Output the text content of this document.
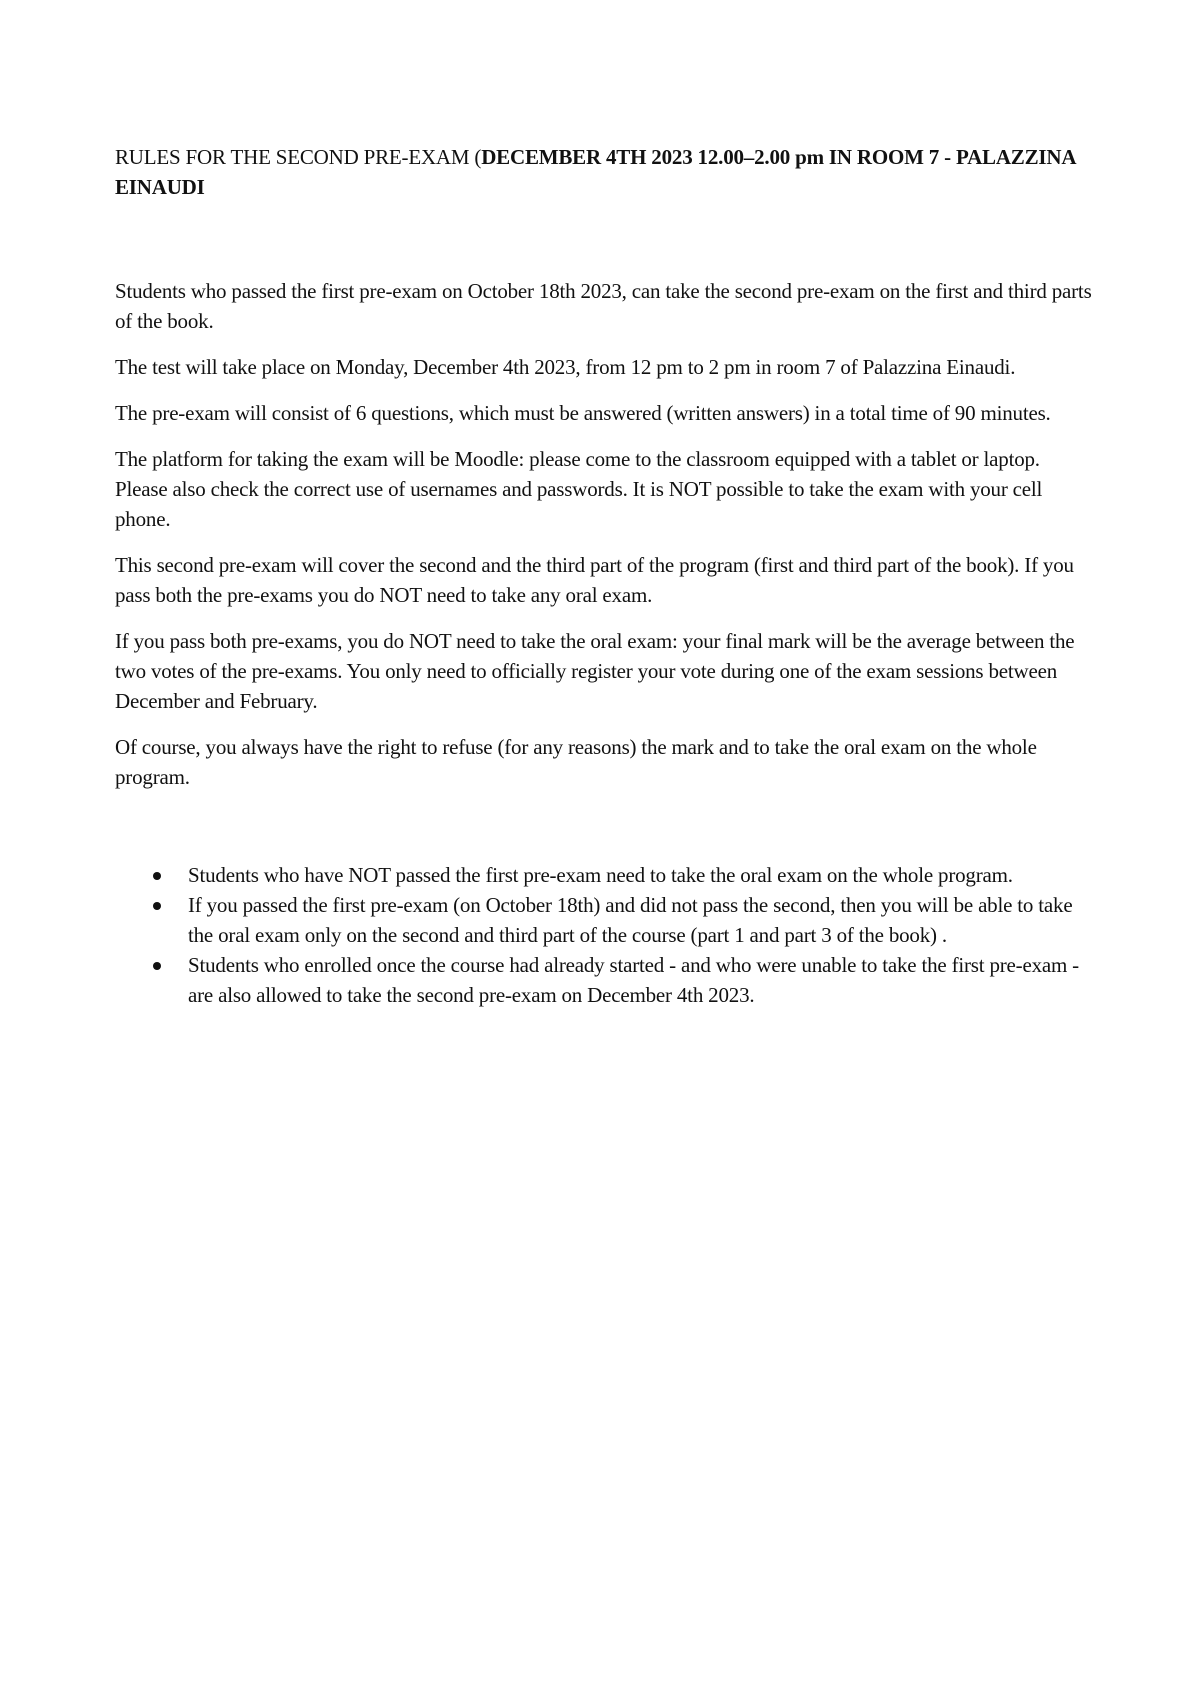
RULES FOR THE SECOND PRE-EXAM (DECEMBER 4TH 2023 12.00–2.00 pm IN ROOM 7 - PALAZZINA EINAUDI

Students who passed the first pre-exam on October 18th 2023, can take the second pre-exam on the first and third parts of the book.

The test will take place on Monday, December 4th 2023, from 12 pm to 2 pm in room 7 of Palazzina Einaudi.

The pre-exam will consist of 6 questions, which must be answered (written answers) in a total time of 90 minutes.

The platform for taking the exam will be Moodle: please come to the classroom equipped with a tablet or laptop. Please also check the correct use of usernames and passwords. It is NOT possible to take the exam with your cell phone.

This second pre-exam will cover the second and the third part of the program (first and third part of the book). If you pass both the pre-exams you do NOT need to take any oral exam.

If you pass both pre-exams, you do NOT need to take the oral exam: your final mark will be the average between the two votes of the pre-exams. You only need to officially register your vote during one of the exam sessions between December and February.

Of course, you always have the right to refuse (for any reasons) the mark and to take the oral exam on the whole program.

Students who have NOT passed the first pre-exam need to take the oral exam on the whole program.
If you passed the first pre-exam (on October 18th) and did not pass the second, then you will be able to take the oral exam only on the second and third part of the course (part 1 and part 3 of the book) .
Students who enrolled once the course had already started - and who were unable to take the first pre-exam - are also allowed to take the second pre-exam on December 4th 2023.
